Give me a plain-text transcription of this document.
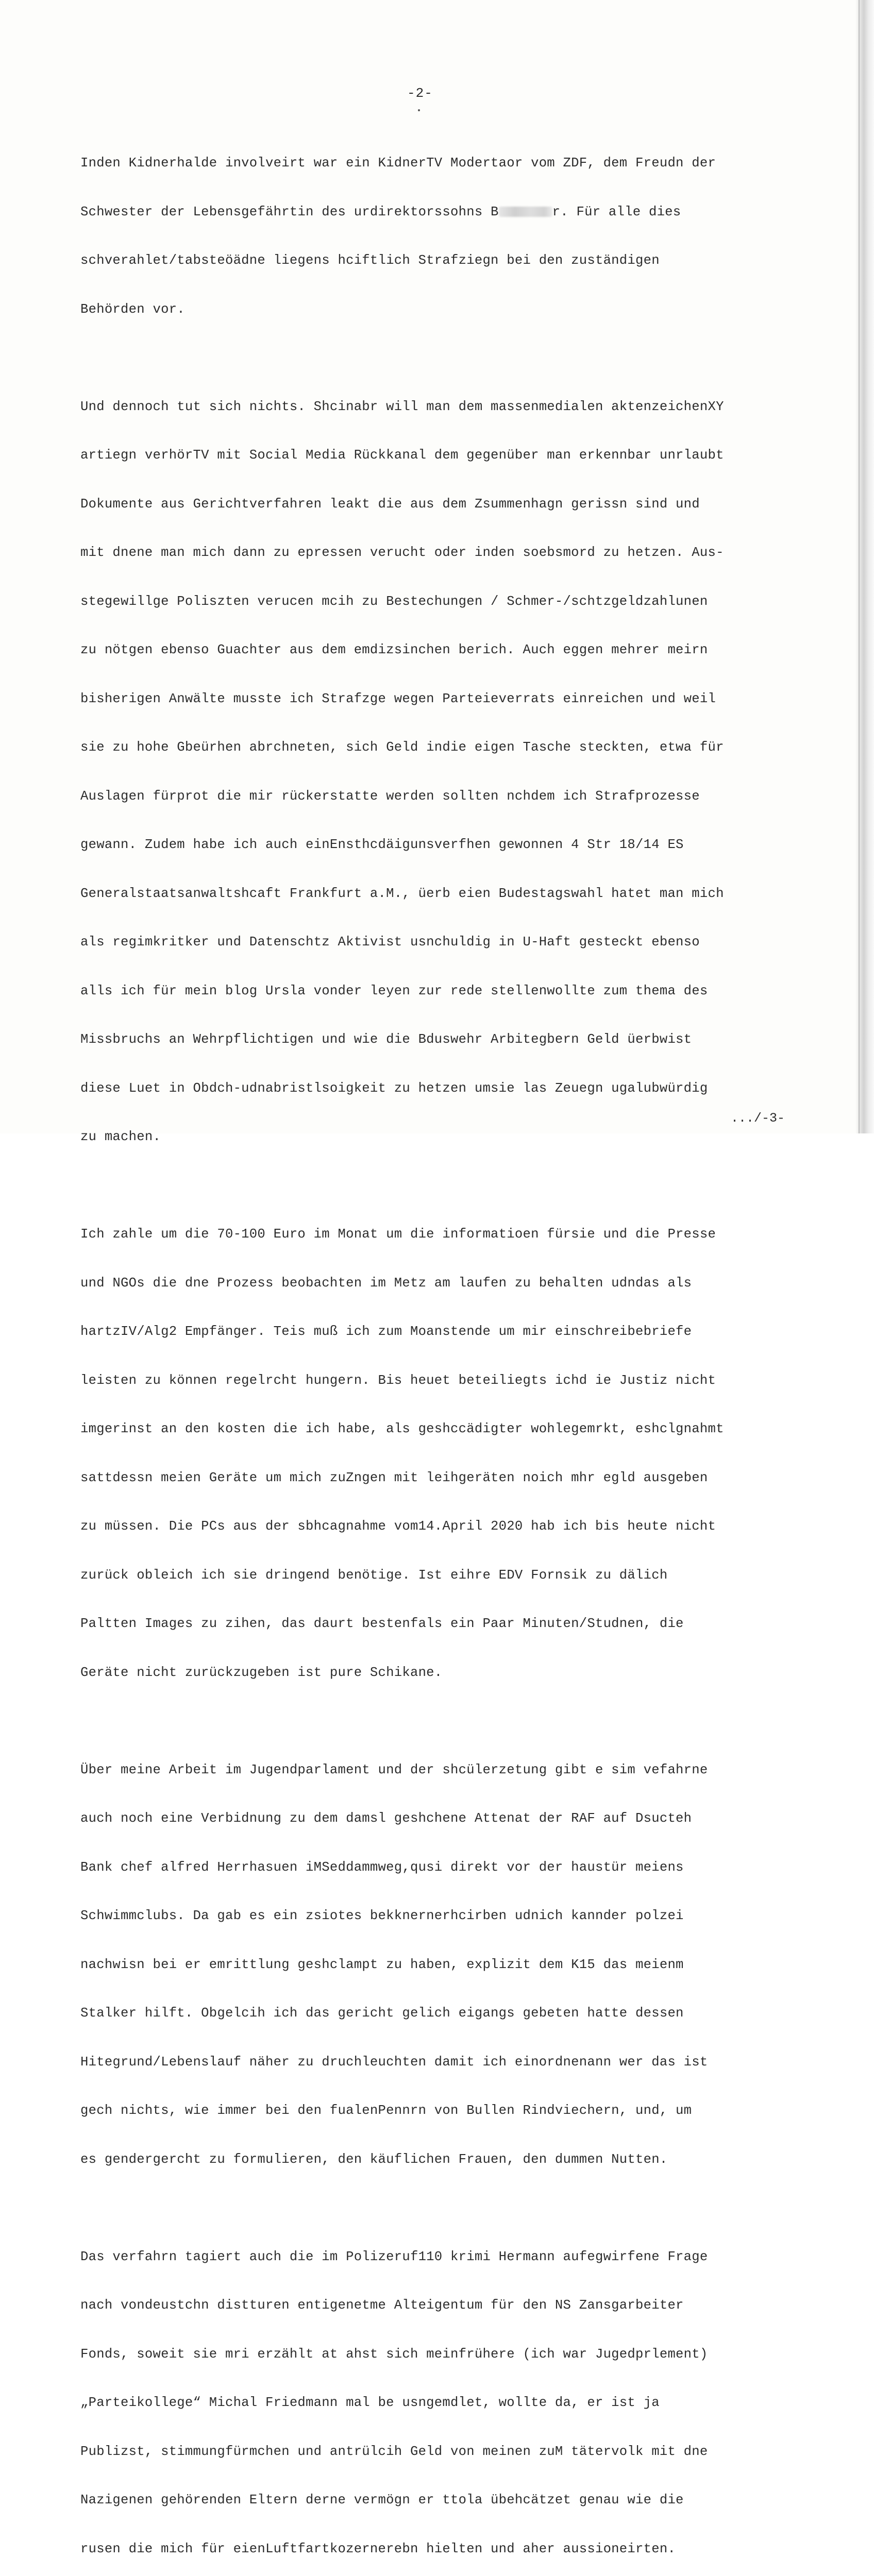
-2-

Inden Kidnerhalde involveirt war ein KidnerTV Modertaor vom ZDF, dem Freudn der

Schwester der Lebensgefährtin des urdirektorssohns B	r. Für alle dies

schverahlet/tabsteöädne liegens hciftlich Strafziegn bei den zuständigen

Behörden vor.

Und dennoch tut sich nichts. Shcinabr will man dem massenmedialen aktenzeichenXY

artiegn verhörTV mit Social Media Rückkanal dem gegenüber man erkennbar unrlaubt

Dokumente aus Gerichtverfahren leakt die aus dem Zsummenhagn gerissn sind und

mit dnene man mich dann zu epressen verucht oder inden soebsmord zu hetzen. Aus-

stegewillge Poliszten verucen mcih zu Bestechungen / Schmer-/schtzgeldzahlunen

zu nötgen ebenso Guachter aus dem emdizsinchen berich. Auch eggen mehrer meirn

bisherigen Anwälte musste ich Strafzge wegen Parteieverrats einreichen und weil

sie zu hohe Gbeürhen abrchneten, sich Geld indie eigen Tasche steckten, etwa für

Auslagen fürprot die mir rückerstatte werden sollten nchdem ich Strafprozesse

gewann. Zudem habe ich auch einEnsthcdäigunsverfhen gewonnen 4 Str 18/14 ES

Generalstaatsanwaltshcaft Frankfurt a.M., üerb eien Budestagswahl hatet man mich

als regimkritker und Datenschtz Aktivist usnchuldig in U-Haft gesteckt ebenso

alls ich für mein blog Ursla vonder leyen zur rede stellenwollte zum thema des

Missbruchs an Wehrpflichtigen und wie die Bduswehr Arbitegbern Geld üerbwist

diese Luet in Obdch-udnabristlsoigkeit zu hetzen umsie las Zeuegn ugalubwürdig

zu machen.

Ich zahle um die 70-100 Euro im Monat um die informatioen fürsie und die Presse

und NGOs die dne Prozess beobachten im Metz am laufen zu behalten udndas als

hartzIV/Alg2 Empfänger. Teis muß ich zum Moanstende um mir einschreibebriefe

leisten zu können regelrcht hungern. Bis heuet beteiliegts ichd ie Justiz nicht

imgerinst an den kosten die ich habe, als geshccädigter wohlegemrkt, eshclgnahmt

sattdessn meien Geräte um mich zuZngen mit leihgeräten noich mhr egld ausgeben

zu müssen. Die PCs aus der sbhcagnahme vom14.April 2020 hab ich bis heute nicht

zurück obleich ich sie dringend benötige. Ist eihre EDV Fornsik zu dälich

Paltten Images zu zihen, das daurt bestenfals ein Paar Minuten/Studnen, die

Geräte nicht zurückzugeben ist pure Schikane.

Über meine Arbeit im Jugendparlament und der shcülerzetung gibt e sim vefahrne

auch noch eine Verbidnung zu dem damsl geshchene Attenat der RAF auf Dsucteh

Bank chef alfred Herrhasuen iMSeddammweg,qusi direkt vor der haustür meiens

Schwimmclubs. Da gab es ein zsiotes bekknernerhcirben udnich kannder polzei

nachwisn bei er emrittlung geshclampt zu haben, explizit dem K15 das meienm

Stalker hilft. Obgelcih ich das gericht gelich eigangs gebeten hatte dessen

Hitegrund/Lebenslauf näher zu druchleuchten damit ich einordnenann wer das ist

gech nichts, wie immer bei den fualenPennrn von Bullen Rindviechern, und, um

es gendergercht zu formulieren, den käuflichen Frauen, den dummen Nutten.

Das verfahrn tagiert auch die im Polizeruf110 krimi Hermann aufegwirfene Frage

nach vondeustchn distturen entigenetme Alteigentum für den NS Zansgarbeiter

Fonds, soweit sie mri erzählt at ahst sich meinfrühere (ich war Jugedprlement)

„Parteikollege“ Michal Friedmann mal be usngemdlet, wollte da, er ist ja

Publizst, stimmungfürmchen und antrülcih Geld von meinen zuM tätervolk mit dne

Nazigenen gehörenden Eltern derne vermögn er ttola übehcätzet genau wie die

rusen die mich für eienLuftfartkozernerebn hielten und aher aussioneirten.

.../-3-
